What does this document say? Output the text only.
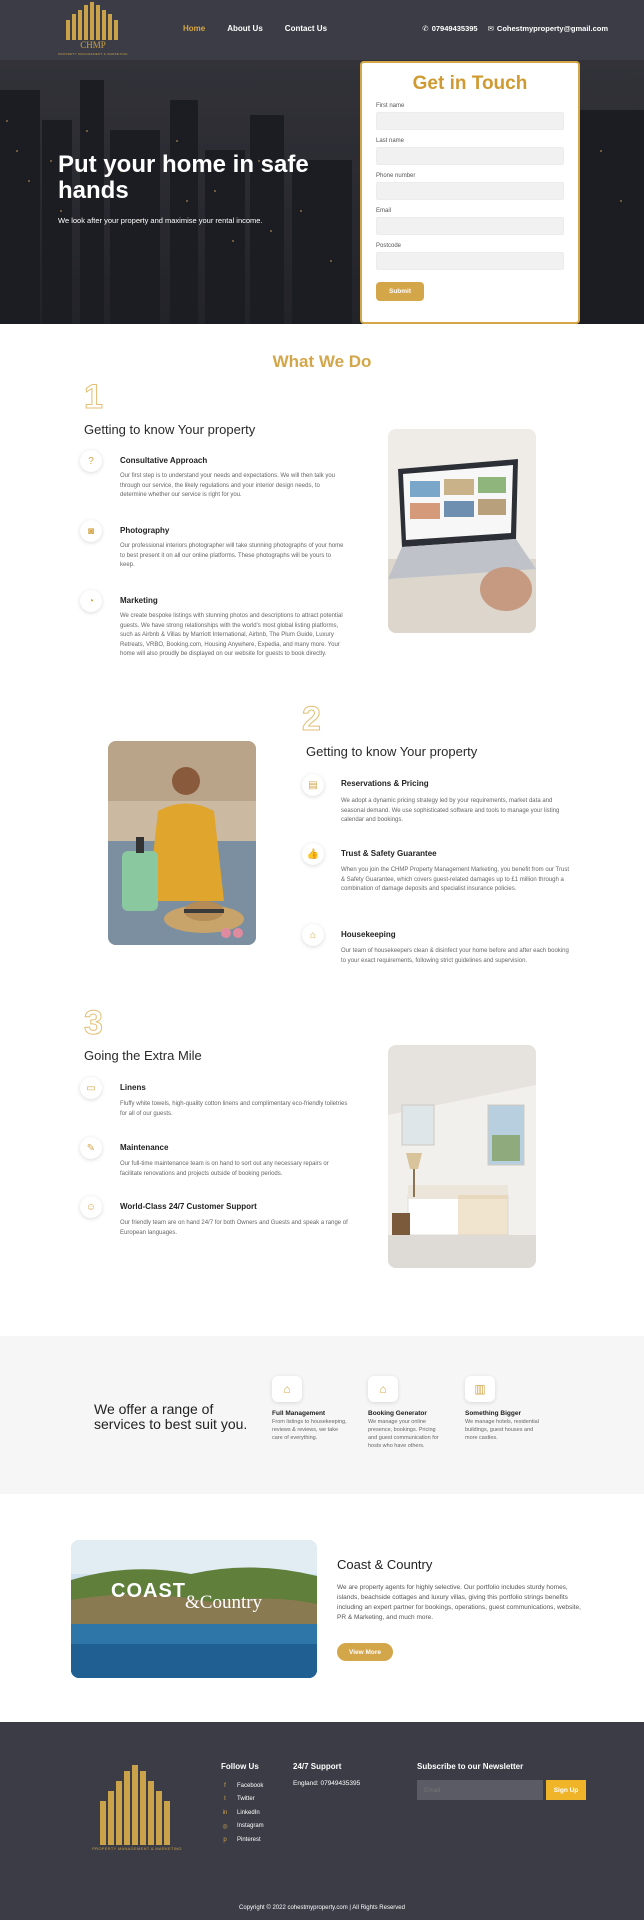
CHMP
PROPERTY MANAGEMENT & MARKETING
Home	About Us	Contact Us	✆ 07949435395 ✉ Cohestmyproperty@gmail.com
Put your home in safe hands
We look after your property and maximise your rental income.
Get in Touch
First name
Last name
Phone number
Email
Postcode
Submit
What We Do
1
Getting to know Your property
?	Consultative Approach
Our first step is to understand your needs and expectations. We will then talk you through our service, the likely regulations and your interior design needs, to determine whether our service is right for you.
◙	Photography
Our professional interiors photographer will take stunning photographs of your home to best present it on all our online platforms. These photographs will be yours to keep.
◔	Marketing
We create bespoke listings with stunning photos and descriptions to attract potential guests. We have strong relationships with the world's most global listing platforms, such as Airbnb & Villas by Marriott International, Airbnb, The Plum Guide, Luxury Retreats, VRBO, Booking.com, Housing Anywhere, Expedia, and many more. Your home will also proudly be displayed on our website for guests to book directly.
2
Getting to know Your property
▤	Reservations & Pricing
We adopt a dynamic pricing strategy led by your requirements, market data and seasonal demand. We use sophisticated software and tools to manage your listing calendar and bookings.
👍	Trust & Safety Guarantee
When you join the CHMP Property Management Marketing, you benefit from our Trust & Safety Guarantee, which covers guest-related damages up to £1 million through a combination of damage deposits and specialist insurance policies.
⌂	Housekeeping
Our team of housekeepers clean & disinfect your home before and after each booking to your exact requirements, following strict guidelines and supervision.
3
Going the Extra Mile
▭	Linens
Fluffy white towels, high-quality cotton linens and complimentary eco-friendly toiletries for all of our guests.
✎	Maintenance
Our full-time maintenance team is on hand to sort out any necessary repairs or facilitate renovations and projects outside of booking periods.
☺	World-Class 24/7 Customer Support
Our friendly team are on hand 24/7 for both Owners and Guests and speak a range of European languages.
We offer a range of services to best suit you.
⌂
Full Management
From listings to housekeeping, reviews & reviews, we take care of everything.
⌂
Booking Generator
We manage your online presence, bookings. Pricing and guest communication for hosts who have others.
▥
Something Bigger
We manage hotels, residential buildings, guest houses and more castles.
COAST
&Country
Coast & Country
We are property agents for highly selective. Our portfolio includes sturdy homes, islands, beachside cottages and luxury villas, giving this portfolio strings benefits including an expert partner for bookings, operations, guest communications, website, PR & Marketing, and much more.
View More
PROPERTY MANAGEMENT & MARKETING
Follow Us
f	Facebook
t	Twitter
in LinkedIn
◎ Instagram
p	Pinterest
24/7 Support
England: 07949435395
Subscribe to our Newsletter
Email
Sign Up
Copyright © 2022 cohestmyproperty.com | All Rights Reserved
